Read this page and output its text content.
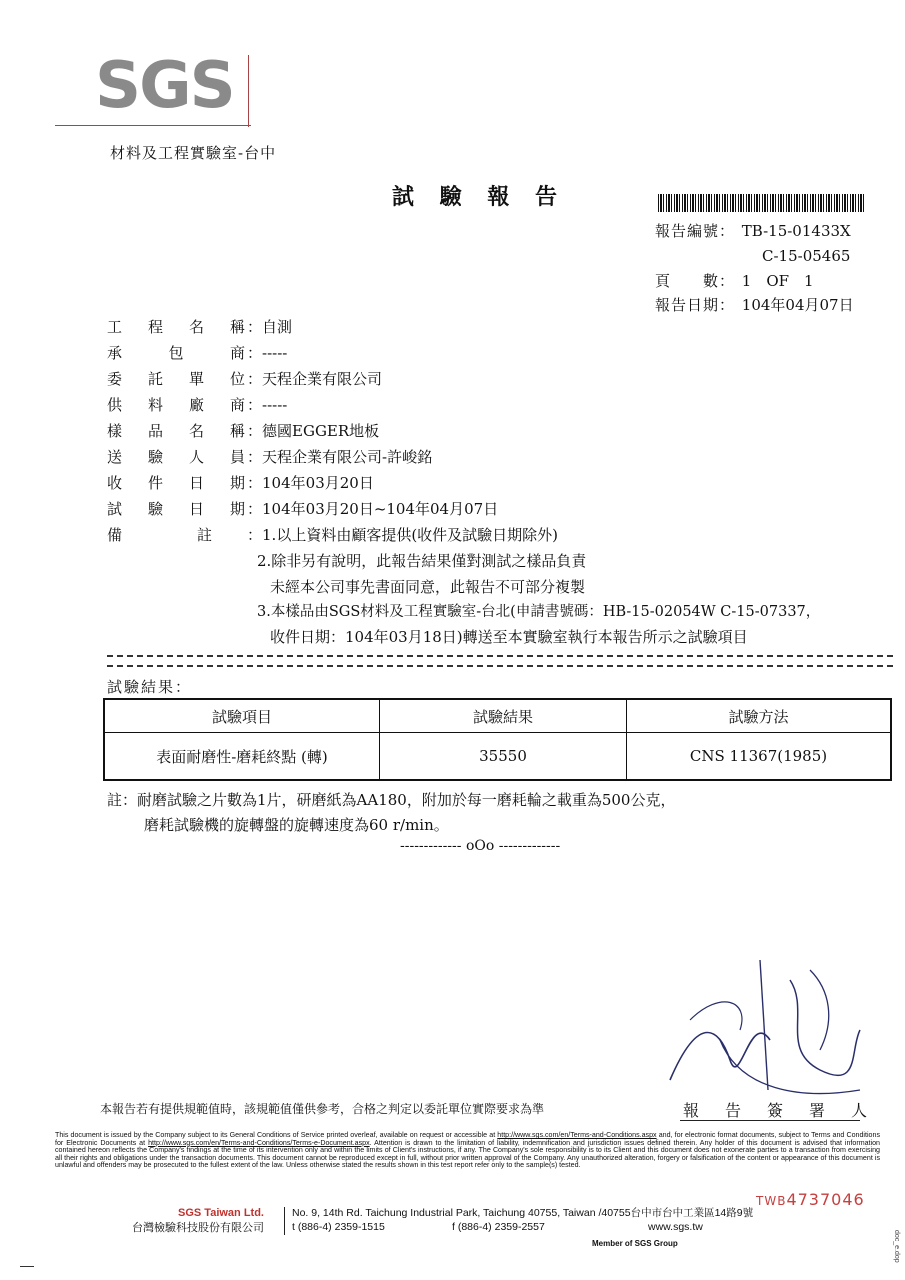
SGS
材料及工程實驗室-台中
試 驗 報 告
報告編號： TB-15-01433X
C-15-05465
頁　　數： 1　OF　1
報告日期： 104年04月07日
工程名稱：自測
承包商：-----
委託單位：天程企業有限公司
供料廠商：-----
樣品名稱：德國EGGER地板
送驗人員：天程企業有限公司-許峻銘
收件日期：104年03月20日
試驗日期：104年03月20日~104年04月07日
備　　　　　註 ：1.以上資料由顧客提供(收件及試驗日期除外)
2.除非另有說明，此報告結果僅對測試之樣品負責
未經本公司事先書面同意，此報告不可部分複製
3.本樣品由SGS材料及工程實驗室-台北(申請書號碼：HB-15-02054W C-15-07337，
收件日期：104年03月18日)轉送至本實驗室執行本報告所示之試驗項目
試驗結果：
試驗項目	試驗結果	試驗方法
表面耐磨性-磨耗終點 (轉)	35550	CNS 11367(1985)
註：耐磨試驗之片數為1片，研磨紙為AA180，附加於每一磨耗輪之載重為500公克，
磨耗試驗機的旋轉盤的旋轉速度為60 r/min。
------------- oOo -------------
本報告若有提供規範值時，該規範值僅供參考，合格之判定以委託單位實際要求為準	報告簽署人
This document is issued by the Company subject to its General Conditions of Service printed overleaf, available on request or accessible at http://www.sgs.com/en/Terms-and-Conditions.aspx and, for electronic format documents, subject to Terms and Conditions for Electronic Documents at http://www.sgs.com/en/Terms-and-Conditions/Terms-e-Document.aspx. Attention is drawn to the limitation of liability, indemnification and jurisdiction issues defined therein. Any holder of this document is advised that information contained hereon reflects the Company's findings at the time of its intervention only and within the limits of Client's instructions, if any. The Company's sole responsibility is to its Client and this document does not exonerate parties to a transaction from exercising all their rights and obligations under the transaction documents. This document cannot be reproduced except in full, without prior written approval of the Company. Any unauthorized alteration, forgery or falsification of the content or appearance of this document is unlawful and offenders may be prosecuted to the fullest extent of the law. Unless otherwise stated the results shown in this test report refer only to the sample(s) tested.
TWB4737046
SGS Taiwan Ltd.
台灣檢驗科技股份有限公司
No. 9, 14th Rd. Taichung Industrial Park, Taichung 40755, Taiwan /40755台中市台中工業區14路9號
t (886-4) 2359-1515	f (886-4) 2359-2557	www.sgs.tw
Member of SGS Group	doc_e.dop
